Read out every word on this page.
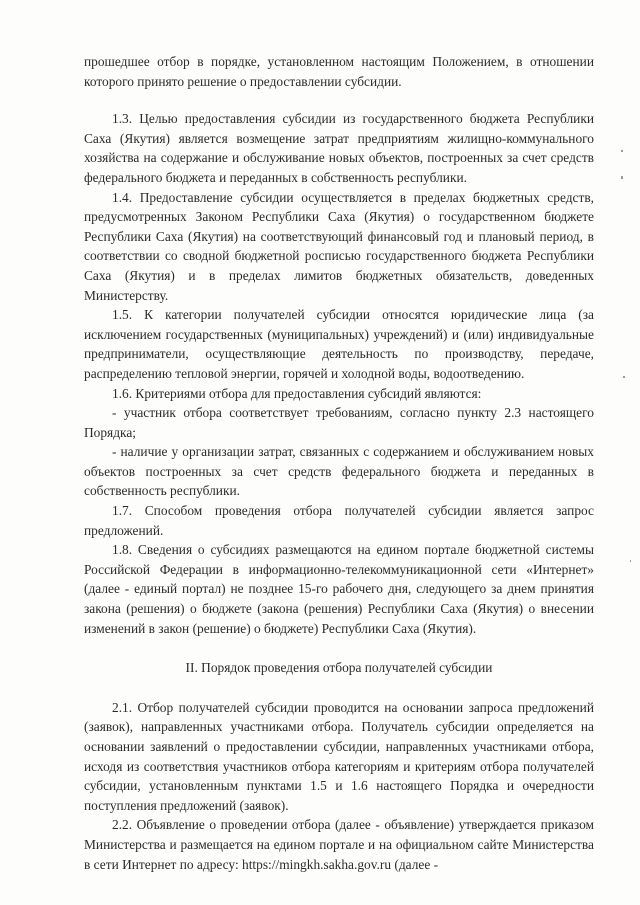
прошедшее отбор в порядке, установленном настоящим Положением, в отношении которого принято решение о предоставлении субсидии.

1.3. Целью предоставления субсидии из государственного бюджета Республики Саха (Якутия) является возмещение затрат предприятиям жилищно-коммунального хозяйства на содержание и обслуживание новых объектов, построенных за счет средств федерального бюджета и переданных в собственность республики.

1.4. Предоставление субсидии осуществляется в пределах бюджетных средств, предусмотренных Законом Республики Саха (Якутия) о государственном бюджете Республики Саха (Якутия) на соответствующий финансовый год и плановый период, в соответствии со сводной бюджетной росписью государственного бюджета Республики Саха (Якутия) и в пределах лимитов бюджетных обязательств, доведенных Министерству.

1.5. К категории получателей субсидии относятся юридические лица (за исключением государственных (муниципальных) учреждений) и (или) индивидуальные предприниматели, осуществляющие деятельность по производству, передаче, распределению тепловой энергии, горячей и холодной воды, водоотведению.

1.6. Критериями отбора для предоставления субсидий являются:

- участник отбора соответствует требованиям, согласно пункту 2.3 настоящего Порядка;

- наличие у организации затрат, связанных с содержанием и обслуживанием новых объектов построенных за счет средств федерального бюджета и переданных в собственность республики.

1.7. Способом проведения отбора получателей субсидии является запрос предложений.

1.8. Сведения о субсидиях размещаются на едином портале бюджетной системы Российской Федерации в информационно-телекоммуникационной сети «Интернет» (далее - единый портал) не позднее 15-го рабочего дня, следующего за днем принятия закона (решения) о бюджете (закона (решения) Республики Саха (Якутия) о внесении изменений в закон (решение) о бюджете) Республики Саха (Якутия).

II. Порядок проведения отбора получателей субсидии

2.1. Отбор получателей субсидии проводится на основании запроса предложений (заявок), направленных участниками отбора. Получатель субсидии определяется на основании заявлений о предоставлении субсидии, направленных участниками отбора, исходя из соответствия участников отбора категориям и критериям отбора получателей субсидии, установленным пунктами 1.5 и 1.6 настоящего Порядка и очередности поступления предложений (заявок).

2.2. Объявление о проведении отбора (далее - объявление) утверждается приказом Министерства и размещается на едином портале и на официальном сайте Министерства в сети Интернет по адресу: https://mingkh.sakha.gov.ru (далее -
